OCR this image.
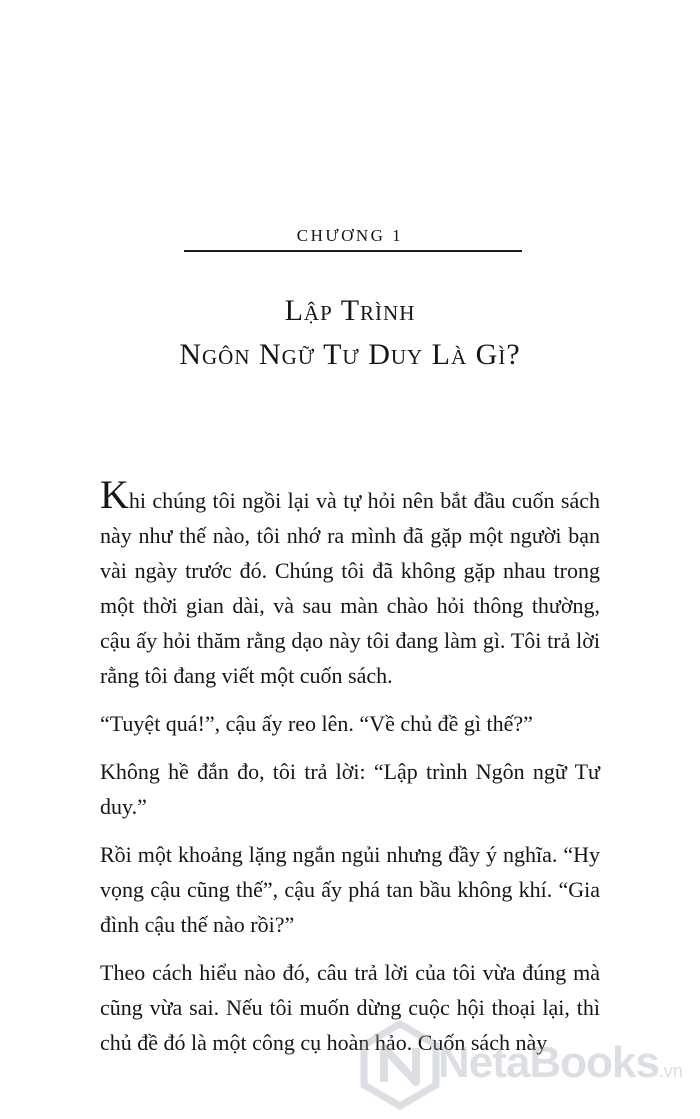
CHƯƠNG 1
Lập Trình
Ngôn Ngữ Tư Duy Là Gì?

Khi chúng tôi ngồi lại và tự hỏi nên bắt đầu cuốn sách này như thế nào, tôi nhớ ra mình đã gặp một người bạn vài ngày trước đó. Chúng tôi đã không gặp nhau trong một thời gian dài, và sau màn chào hỏi thông thường, cậu ấy hỏi thăm rằng dạo này tôi đang làm gì. Tôi trả lời rằng tôi đang viết một cuốn sách.

“Tuyệt quá!”, cậu ấy reo lên. “Về chủ đề gì thế?”

Không hề đắn đo, tôi trả lời: “Lập trình Ngôn ngữ Tư duy.”

Rồi một khoảng lặng ngắn ngủi nhưng đầy ý nghĩa. “Hy vọng cậu cũng thế”, cậu ấy phá tan bầu không khí. “Gia đình cậu thế nào rồi?”

Theo cách hiểu nào đó, câu trả lời của tôi vừa đúng mà cũng vừa sai. Nếu tôi muốn dừng cuộc hội thoại lại, thì chủ đề đó là một công cụ hoàn hảo. Cuốn sách này

NetaBooks.vn
